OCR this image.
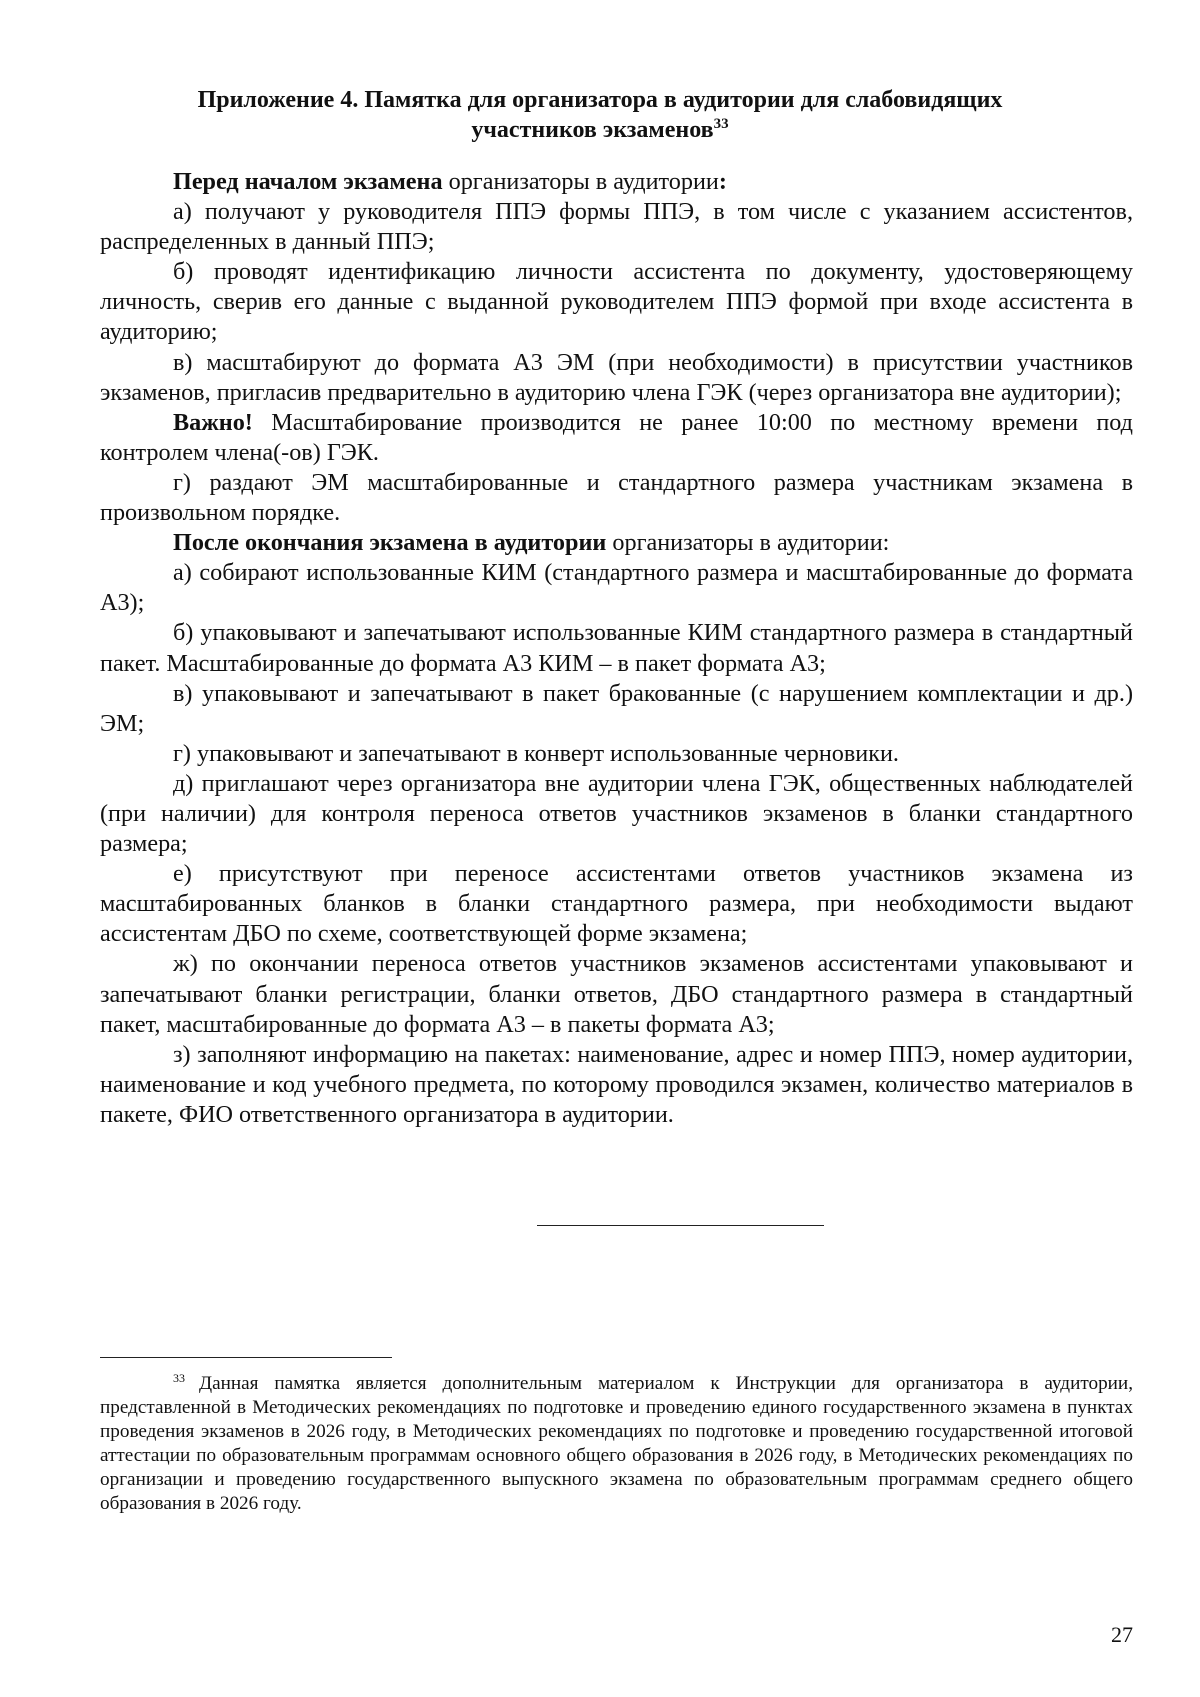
Приложение 4. Памятка для организатора в аудитории для слабовидящих
участников экзаменов$^{33}$

Перед началом экзамена организаторы в аудитории:

а) получают у руководителя ППЭ формы ППЭ, в том числе с указанием ассистентов, распределенных в данный ППЭ;

б) проводят идентификацию личности ассистента по документу, удостоверяющему личность, сверив его данные с выданной руководителем ППЭ формой при входе ассистента в аудиторию;

в) масштабируют до формата А3 ЭМ (при необходимости) в присутствии участников экзаменов, пригласив предварительно в аудиторию члена ГЭК (через организатора вне аудитории);

Важно! Масштабирование производится не ранее 10:00 по местному времени под контролем члена(-ов) ГЭК.

г) раздают ЭМ масштабированные и стандартного размера участникам экзамена в произвольном порядке.

После окончания экзамена в аудитории организаторы в аудитории:

а) собирают использованные КИМ (стандартного размера и масштабированные до формата А3);

б) упаковывают и запечатывают использованные КИМ стандартного размера в стандартный пакет. Масштабированные до формата А3 КИМ – в пакет формата А3;

в) упаковывают и запечатывают в пакет бракованные (с нарушением комплектации и др.) ЭМ;

г) упаковывают и запечатывают в конверт использованные черновики.

д) приглашают через организатора вне аудитории члена ГЭК, общественных наблюдателей (при наличии) для контроля переноса ответов участников экзаменов в бланки стандартного размера;

е) присутствуют при переносе ассистентами ответов участников экзамена из масштабированных бланков в бланки стандартного размера, при необходимости выдают ассистентам ДБО по схеме, соответствующей форме экзамена;

ж) по окончании переноса ответов участников экзаменов ассистентами упаковывают и запечатывают бланки регистрации, бланки ответов, ДБО стандартного размера в стандартный пакет, масштабированные до формата А3 – в пакеты формата А3;

з) заполняют информацию на пакетах: наименование, адрес и номер ППЭ, номер аудитории, наименование и код учебного предмета, по которому проводился экзамен, количество материалов в пакете, ФИО ответственного организатора в аудитории.

$^{33}$ Данная памятка является дополнительным материалом к Инструкции для организатора в аудитории, представленной в Методических рекомендациях по подготовке и проведению единого государственного экзамена в пунктах проведения экзаменов в 2026 году, в Методических рекомендациях по подготовке и проведению государственной итоговой аттестации по образовательным программам основного общего образования в 2026 году, в Методических рекомендациях по организации и проведению государственного выпускного экзамена по образовательным программам среднего общего образования в 2026 году.

27
